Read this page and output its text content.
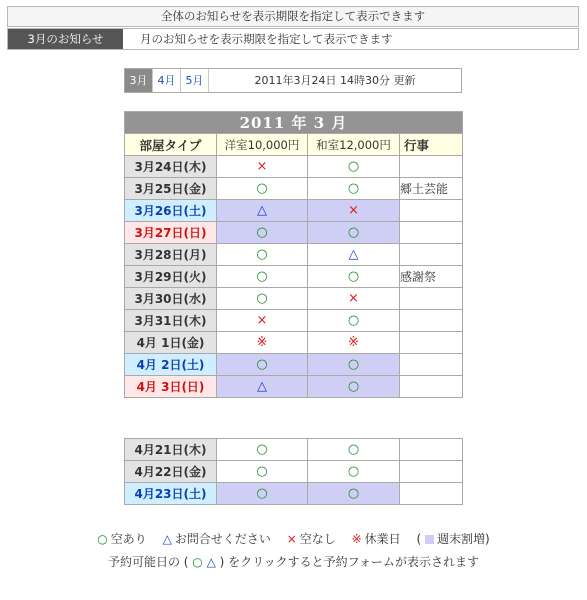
全体のお知らせを表示期限を指定して表示できます
3月のお知らせ	月のお知らせを表示期限を指定して表示できます
3月 4月 5月	2011年3月24日 14時30分 更新
2011 年 3 月			
部屋タイプ	洋室10,000円	和室12,000円	行事
3月24日(木)	×	○	
3月25日(金)	○	○	郷土芸能
3月26日(土)	△	×	
3月27日(日)	○	○	
3月28日(月)	○	△	
3月29日(火)	○	○	感謝祭
3月30日(水)	○	×	
3月31日(木)	×	○	
4月 1日(金)	※	※	
4月 2日(土)	○	○	
4月 3日(日)	△	○	
4月21日(木)	○	○	
4月22日(金)	○	○	
4月23日(土)	○	○	
○ 空あり △ お問合せください × 空なし ※ 休業日 ( 週末割増)
予約可能日の ( ○ △ ) をクリックすると予約フォームが表示されます
